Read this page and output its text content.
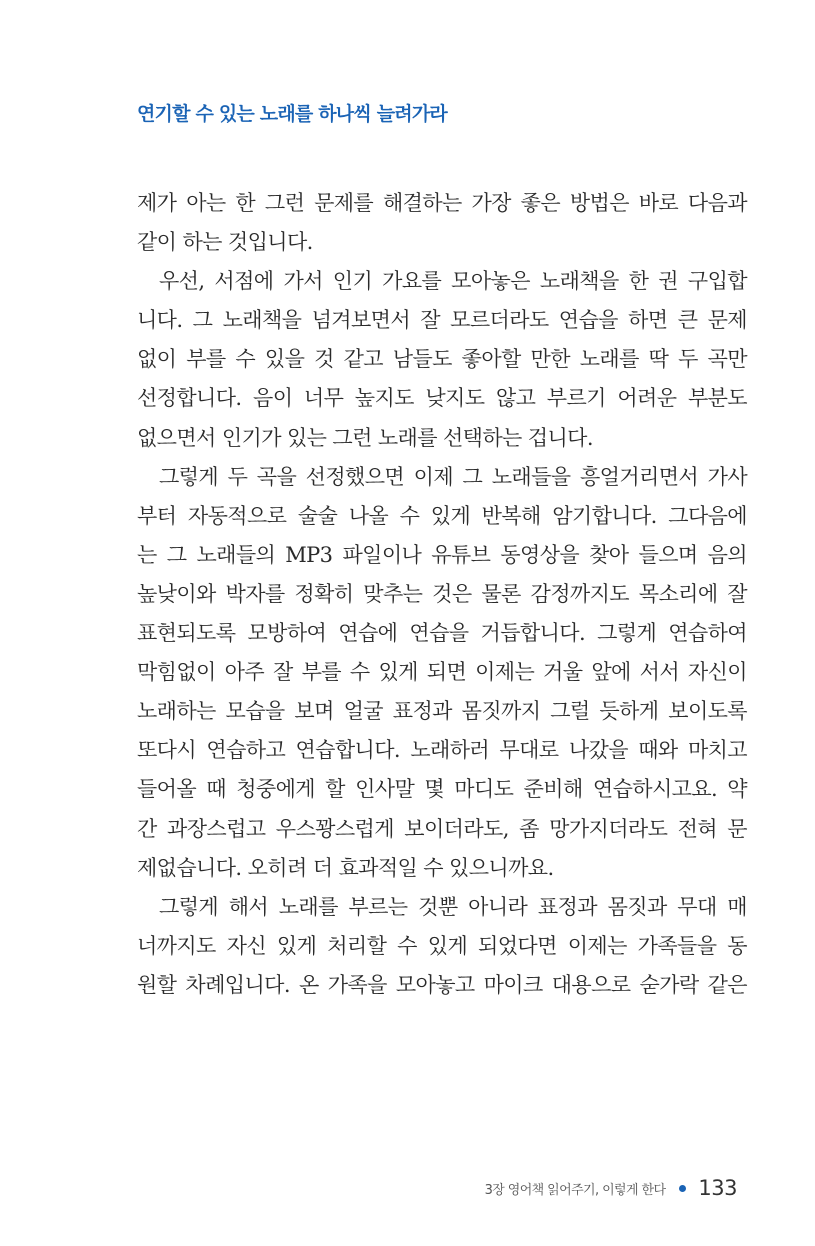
연기할 수 있는 노래를 하나씩 늘려가라
제가 아는 한 그런 문제를 해결하는 가장 좋은 방법은 바로 다음과
같이 하는 것입니다.
우선, 서점에 가서 인기 가요를 모아놓은 노래책을 한 권 구입합
니다. 그 노래책을 넘겨보면서 잘 모르더라도 연습을 하면 큰 문제
없이 부를 수 있을 것 같고 남들도 좋아할 만한 노래를 딱 두 곡만
선정합니다. 음이 너무 높지도 낮지도 않고 부르기 어려운 부분도
없으면서 인기가 있는 그런 노래를 선택하는 겁니다.
그렇게 두 곡을 선정했으면 이제 그 노래들을 흥얼거리면서 가사
부터 자동적으로 술술 나올 수 있게 반복해 암기합니다. 그다음에
는 그 노래들의 MP3 파일이나 유튜브 동영상을 찾아 들으며 음의
높낮이와 박자를 정확히 맞추는 것은 물론 감정까지도 목소리에 잘
표현되도록 모방하여 연습에 연습을 거듭합니다. 그렇게 연습하여
막힘없이 아주 잘 부를 수 있게 되면 이제는 거울 앞에 서서 자신이
노래하는 모습을 보며 얼굴 표정과 몸짓까지 그럴 듯하게 보이도록
또다시 연습하고 연습합니다. 노래하러 무대로 나갔을 때와 마치고
들어올 때 청중에게 할 인사말 몇 마디도 준비해 연습하시고요. 약
간 과장스럽고 우스꽝스럽게 보이더라도, 좀 망가지더라도 전혀 문
제없습니다. 오히려 더 효과적일 수 있으니까요.
그렇게 해서 노래를 부르는 것뿐 아니라 표정과 몸짓과 무대 매
너까지도 자신 있게 처리할 수 있게 되었다면 이제는 가족들을 동
원할 차례입니다. 온 가족을 모아놓고 마이크 대용으로 숟가락 같은
3장 영어책 읽어주기, 이렇게 한다 133
